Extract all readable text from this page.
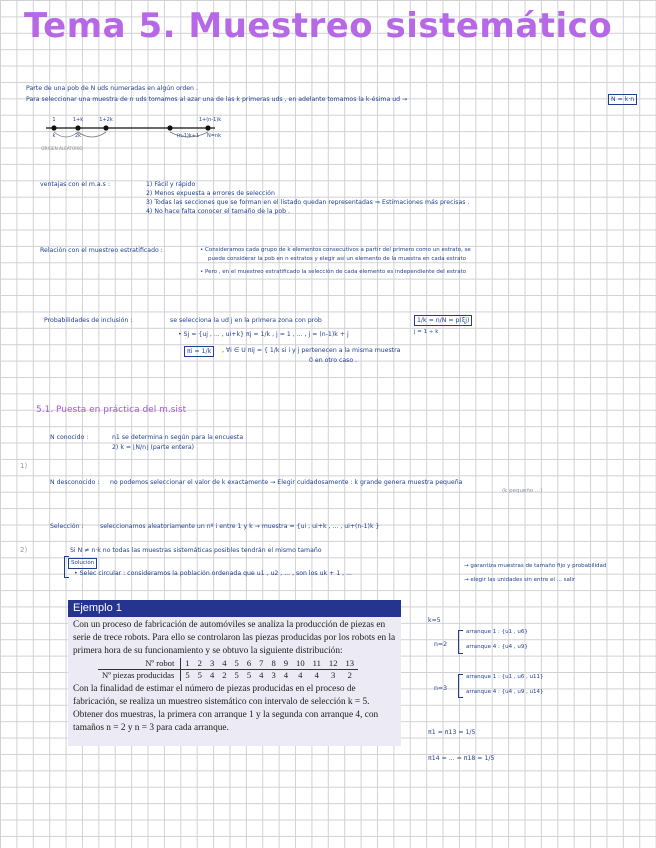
Tema 5. Muestreo sistemático
Parte de una pob de N uds numeradas en algún orden .
Para seleccionar una muestra de n uds tomamos al azar una de las k primeras uds , en adelante tomamos la k-ésima ud →	N = k·n
1	1+k	1+2k	1+(n-1)k
k	2k	(n-1)k+1 N=nk
ORIGEN ALEATORIO
ventajas con el m.a.s :	1) Fácil y rápido
2) Menos expuesta a errores de selección
3) Todas las secciones que se forman en el listado quedan representadas ⇒ Estimaciones más precisas .
4) No hace falta conocer el tamaño de la pob .
Relación con el muestreo estratificado :	• Consideramos cada grupo de k elementos consecutivos a partir del primero como un estrato, se
puede considerar la pob en n estratos y elegir así un elemento de la muestra en cada estrato
• Pero , en el muestreo estratificado la selección de cada elemento es independiente del estrato
Probabilidades de inclusión :	se selecciona la ud j en la primera zona con prob	1/k = n/N = p(ξj)
j = 1 ÷ k
• Sj = {uj , ... , ui+k} πj = 1/k , j = 1 , ... , j = (n-1)k + j
πi = 1/k	, ∀i ∈ U πij = { 1/k si i y j pertenecen a la misma muestra
0 en otro caso .
5.1. Puesta en práctica del m.sist
N conocido :	n1 se determina n según para la encuesta
2) k = ⌊N/n⌋ (parte entera)
1)
N desconocido : no podemos seleccionar el valor de k exactamente → Elegir cuidadosamente : k grande genera muestra pequeña
(k pequeño ...)
Selección :	seleccionamos aleatoriamente un nº i entre 1 y k → muestra = {ui , ui+k , ... , ui+(n-1)k }
2)	Si N ≠ n·k no todas las muestras sistemáticas posibles tendrán el mismo tamaño
Solución
• Selec circular : consideramos la población ordenada que u1 , u2 , ... , son los uk + 1 , ...
→ garantiza muestras de tamaño fijo y probabilidad
→ elegir las unidades sin entre el ... salir
Ejemplo 1

Con un proceso de fabricación de automóviles se analiza la producción de piezas en serie de trece robots. Para ello se controlaron las piezas producidas por los robots en la primera hora de su funcionamiento y se obtuvo la siguiente distribución:

Nº robot	1	2	3	4	5	6	7	8	9	10	11	12	13
Nº piezas producidas	5	5	4	2	5	5	4	3	4	4	4	3	2

Con la finalidad de estimar el número de piezas producidas en el proceso de fabricación, se realiza un muestreo sistemático con intervalo de selección k = 5. Obtener dos muestras, la primera con arranque 1 y la segunda con arranque 4, con tamaños n = 2 y n = 3 para cada arranque.

k=5
n=2
arranque 1 : {u1 , u6}
arranque 4 : {u4 , u9}
n=3
arranque 1 : {u1 , u6 , u11}
arranque 4 : {u4 , u9 , u14}
π1 = π13 = 1/5
π14 = ... = π18 = 1/5
